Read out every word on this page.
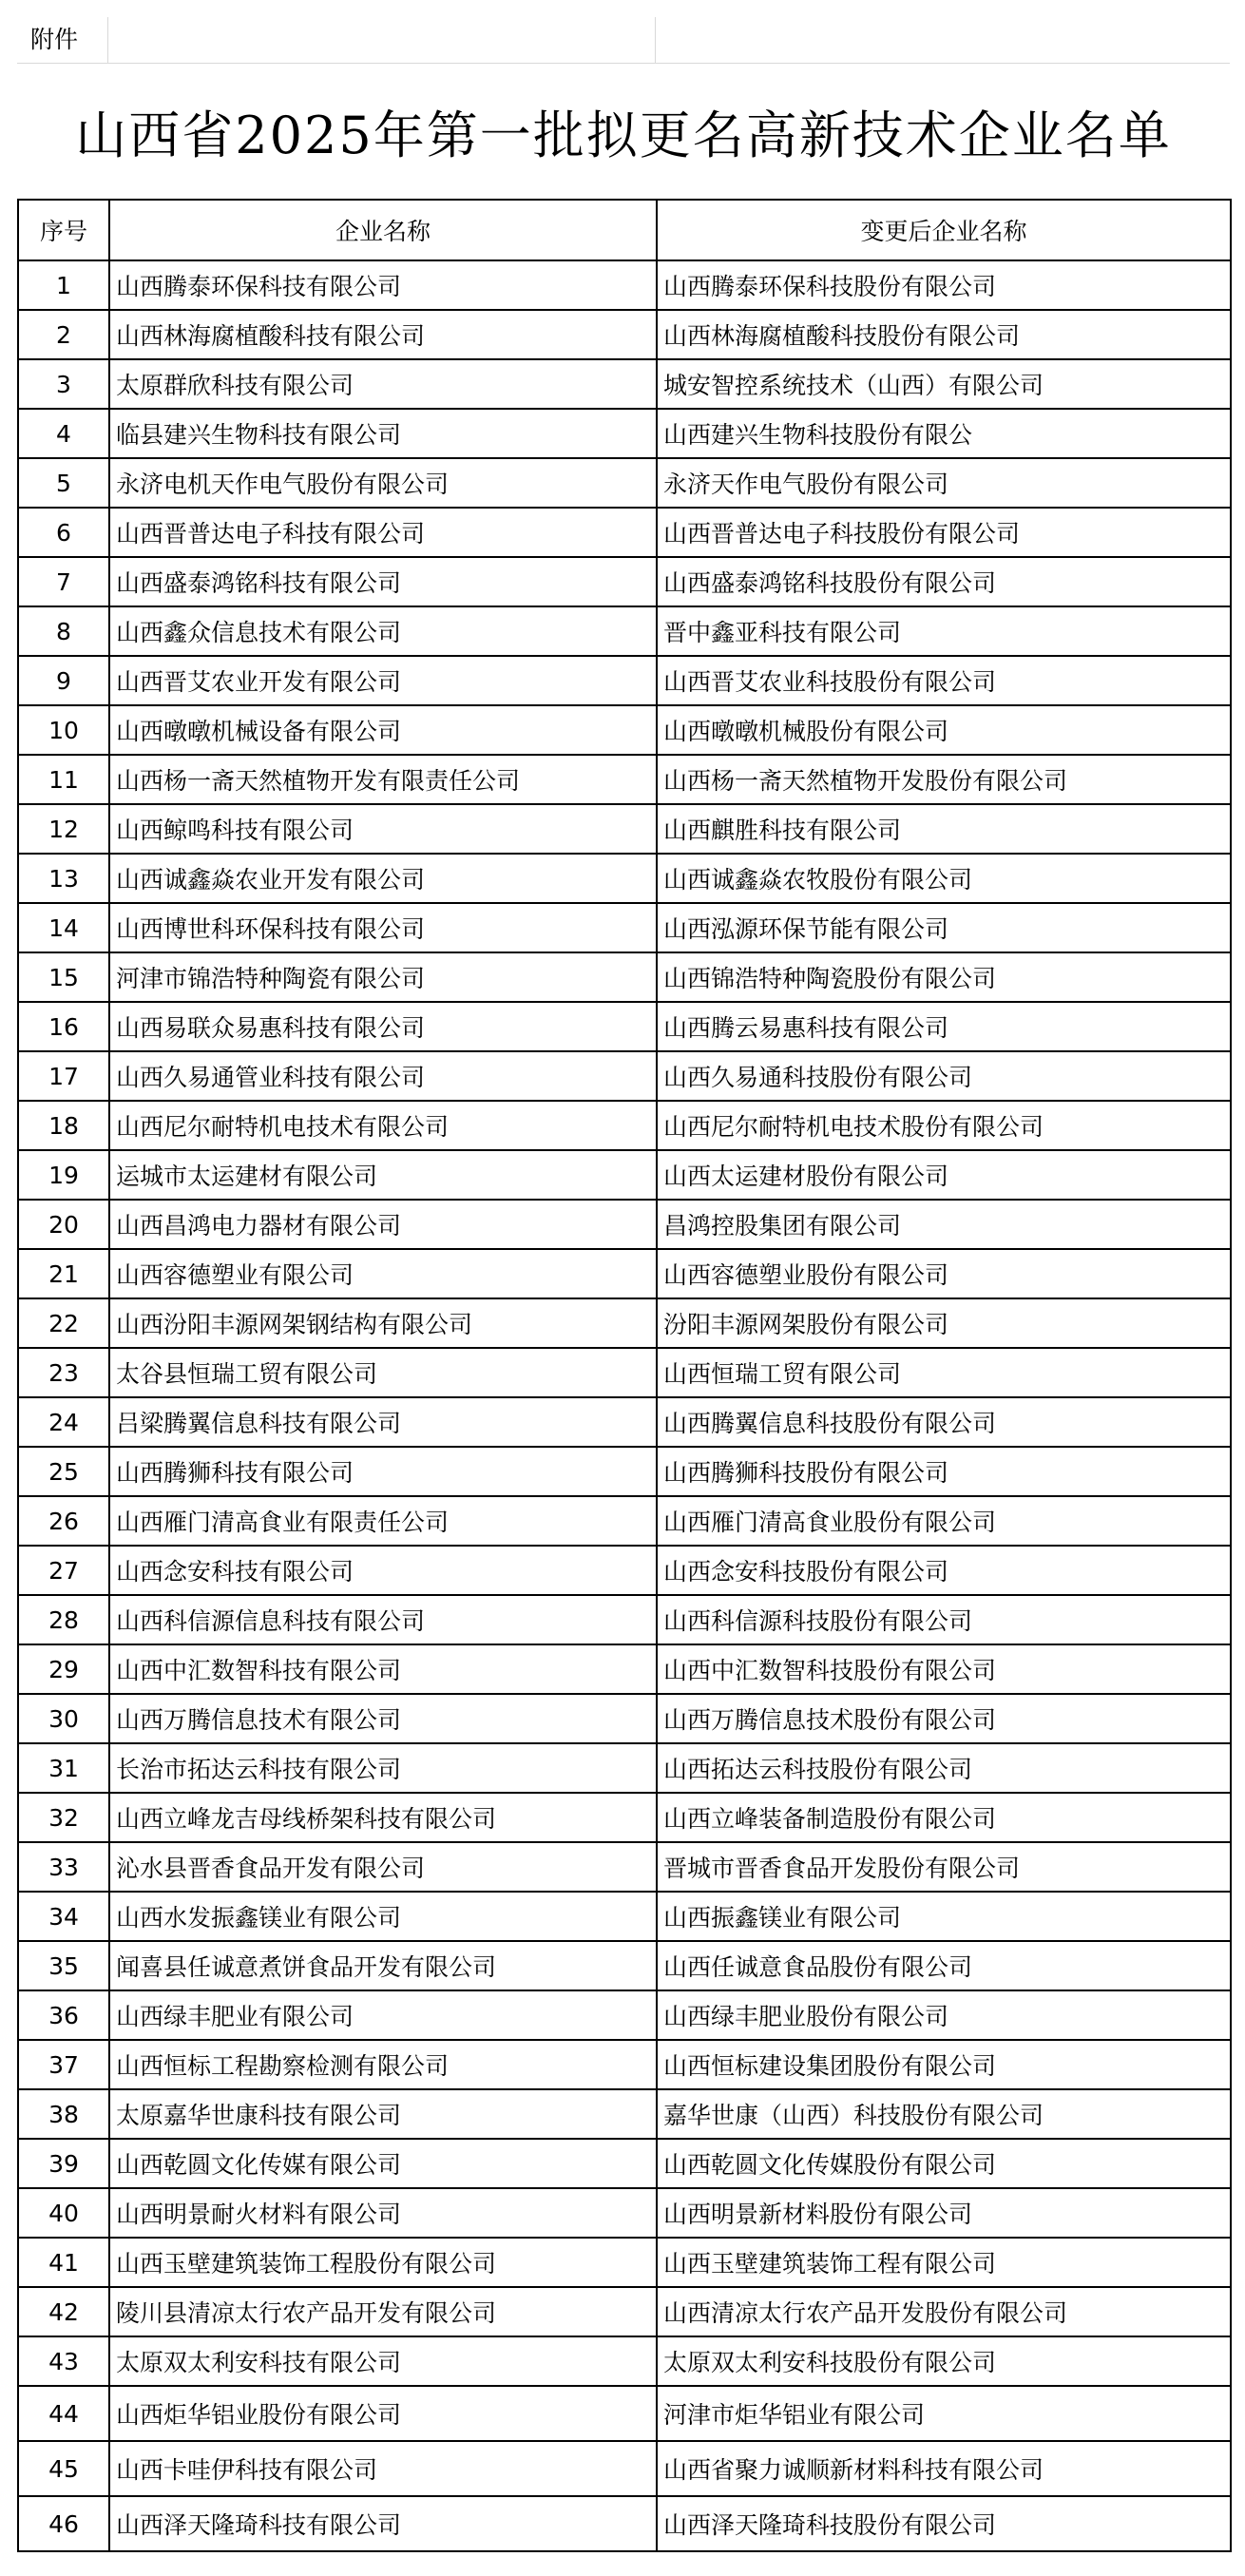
附件
山西省2025年第一批拟更名高新技术企业名单
序号	企业名称	变更后企业名称
1	山西腾泰环保科技有限公司	山西腾泰环保科技股份有限公司
2	山西林海腐植酸科技有限公司	山西林海腐植酸科技股份有限公司
3	太原群欣科技有限公司	城安智控系统技术（山西）有限公司
4	临县建兴生物科技有限公司	山西建兴生物科技股份有限公
5	永济电机天作电气股份有限公司	永济天作电气股份有限公司
6	山西晋普达电子科技有限公司	山西晋普达电子科技股份有限公司
7	山西盛泰鸿铭科技有限公司	山西盛泰鸿铭科技股份有限公司
8	山西鑫众信息技术有限公司	晋中鑫亚科技有限公司
9	山西晋艾农业开发有限公司	山西晋艾农业科技股份有限公司
10	山西暾暾机械设备有限公司	山西暾暾机械股份有限公司
11	山西杨一斋天然植物开发有限责任公司	山西杨一斋天然植物开发股份有限公司
12	山西鲸鸣科技有限公司	山西麒胜科技有限公司
13	山西诚鑫焱农业开发有限公司	山西诚鑫焱农牧股份有限公司
14	山西博世科环保科技有限公司	山西泓源环保节能有限公司
15	河津市锦浩特种陶瓷有限公司	山西锦浩特种陶瓷股份有限公司
16	山西易联众易惠科技有限公司	山西腾云易惠科技有限公司
17	山西久易通管业科技有限公司	山西久易通科技股份有限公司
18	山西尼尔耐特机电技术有限公司	山西尼尔耐特机电技术股份有限公司
19	运城市太运建材有限公司	山西太运建材股份有限公司
20	山西昌鸿电力器材有限公司	昌鸿控股集团有限公司
21	山西容德塑业有限公司	山西容德塑业股份有限公司
22	山西汾阳丰源网架钢结构有限公司	汾阳丰源网架股份有限公司
23	太谷县恒瑞工贸有限公司	山西恒瑞工贸有限公司
24	吕梁腾翼信息科技有限公司	山西腾翼信息科技股份有限公司
25	山西腾狮科技有限公司	山西腾狮科技股份有限公司
26	山西雁门清高食业有限责任公司	山西雁门清高食业股份有限公司
27	山西念安科技有限公司	山西念安科技股份有限公司
28	山西科信源信息科技有限公司	山西科信源科技股份有限公司
29	山西中汇数智科技有限公司	山西中汇数智科技股份有限公司
30	山西万腾信息技术有限公司	山西万腾信息技术股份有限公司
31	长治市拓达云科技有限公司	山西拓达云科技股份有限公司
32	山西立峰龙吉母线桥架科技有限公司	山西立峰装备制造股份有限公司
33	沁水县晋香食品开发有限公司	晋城市晋香食品开发股份有限公司
34	山西水发振鑫镁业有限公司	山西振鑫镁业有限公司
35	闻喜县任诚意煮饼食品开发有限公司	山西任诚意食品股份有限公司
36	山西绿丰肥业有限公司	山西绿丰肥业股份有限公司
37	山西恒标工程勘察检测有限公司	山西恒标建设集团股份有限公司
38	太原嘉华世康科技有限公司	嘉华世康（山西）科技股份有限公司
39	山西乾圆文化传媒有限公司	山西乾圆文化传媒股份有限公司
40	山西明景耐火材料有限公司	山西明景新材料股份有限公司
41	山西玉壁建筑装饰工程股份有限公司	山西玉壁建筑装饰工程有限公司
42	陵川县清凉太行农产品开发有限公司	山西清凉太行农产品开发股份有限公司
43	太原双太利安科技有限公司	太原双太利安科技股份有限公司
44	山西炬华铝业股份有限公司	河津市炬华铝业有限公司
45	山西卡哇伊科技有限公司	山西省聚力诚顺新材料科技有限公司
46	山西泽天隆琦科技有限公司	山西泽天隆琦科技股份有限公司
